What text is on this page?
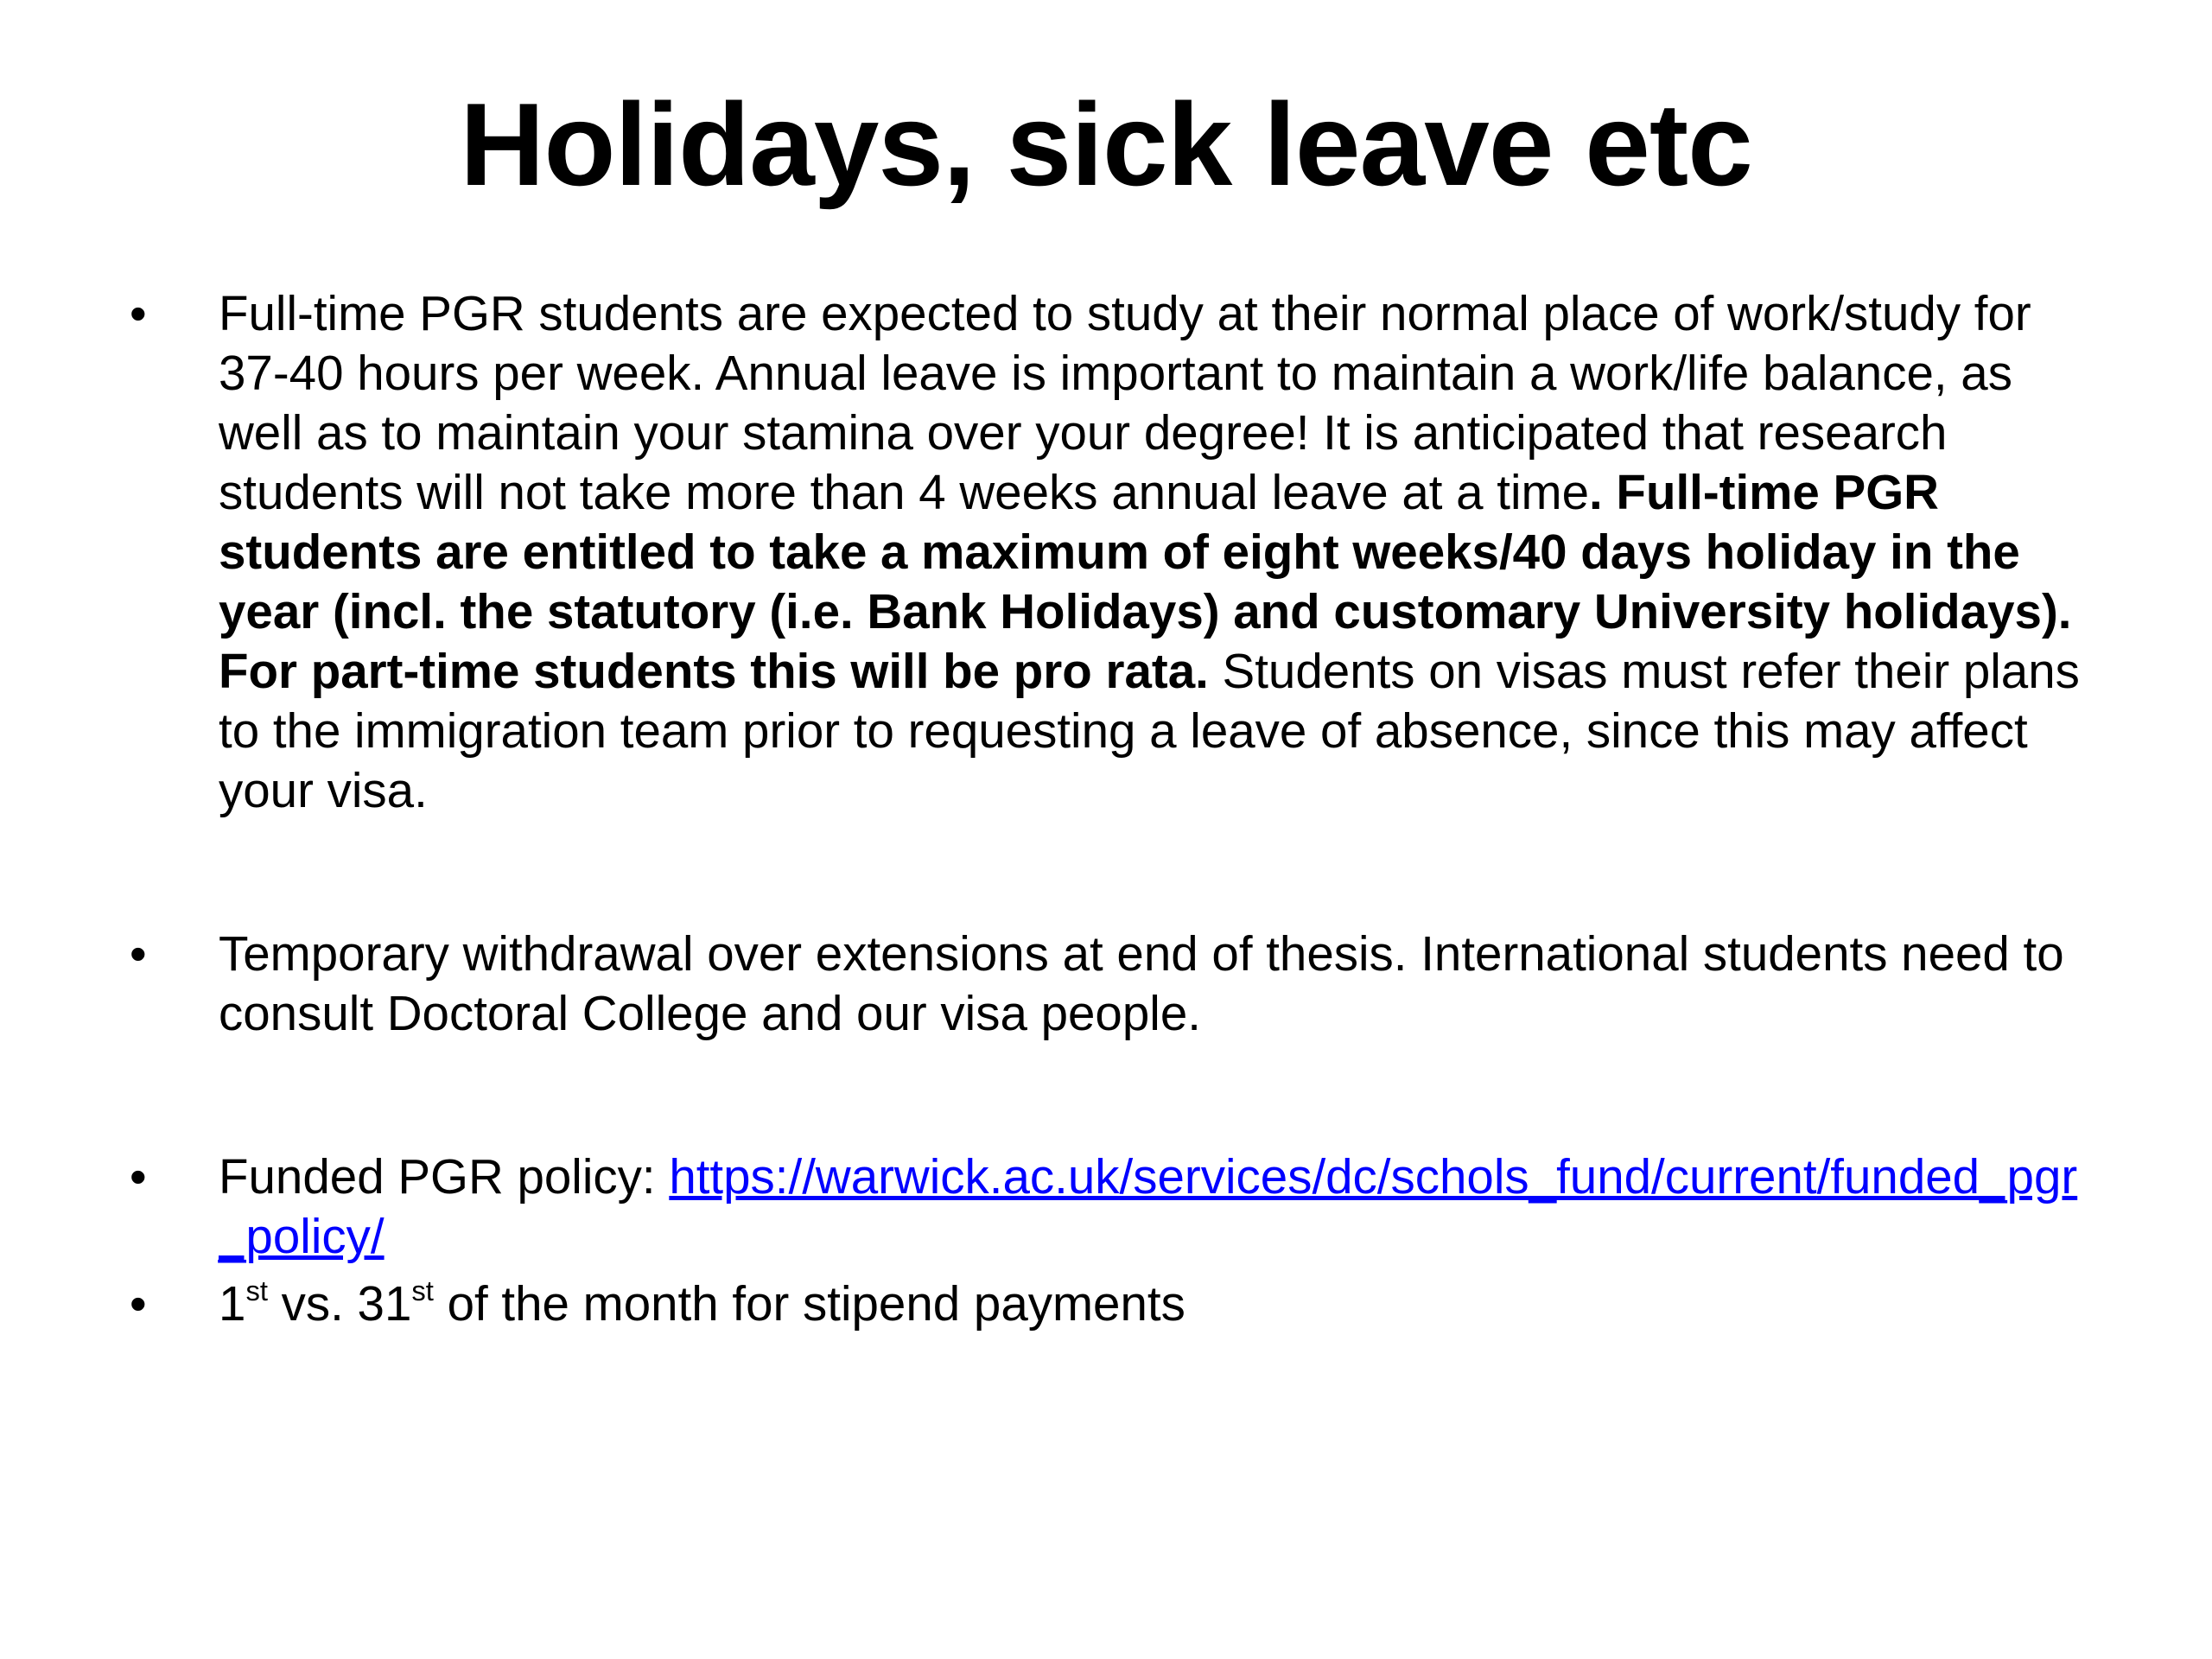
Holidays, sick leave etc
•	Full-time PGR students are expected to study at their normal place of work/study for 37-40 hours per week. Annual leave is important to maintain a work/life balance, as well as to maintain your stamina over your degree! It is anticipated that research students will not take more than 4 weeks annual leave at a time. Full-time PGR students are entitled to take a maximum of eight weeks/40 days holiday in the year (incl. the statutory (i.e. Bank Holidays) and customary University holidays). For part-time students this will be pro rata. Students on visas must refer their plans to the immigration team prior to requesting a leave of absence, since this may affect your visa.
•	Temporary withdrawal over extensions at end of thesis. International students need to consult Doctoral College and our visa people.
•	Funded PGR policy: https://warwick.ac.uk/services/dc/schols_fund/current/funded_pgr_policy/
•	1st vs. 31st of the month for stipend payments
